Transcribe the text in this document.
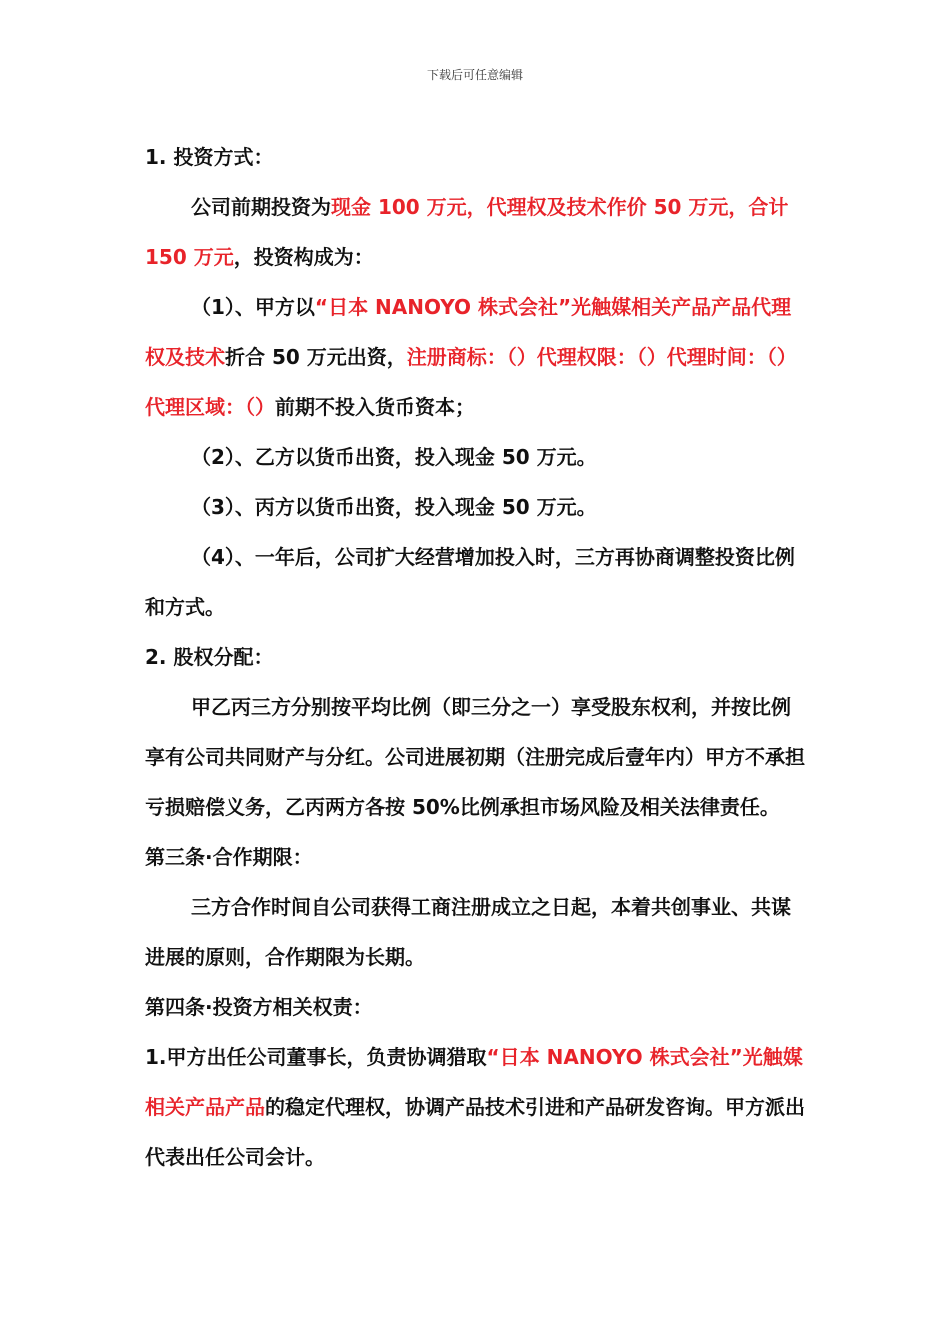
下载后可任意编辑

1. 投资方式：

公司前期投资为现金 100 万元，代理权及技术作价 50 万元，合计 150 万元，投资构成为：

（1）、甲方以“日本 NANOYO 株式会社”光触媒相关产品产品代理权及技术折合 50 万元出资，注册商标：（）代理权限：（）代理时间：（）代理区域：（）前期不投入货币资本；

（2）、乙方以货币出资，投入现金 50 万元。

（3）、丙方以货币出资，投入现金 50 万元。

（4）、一年后，公司扩大经营增加投入时，三方再协商调整投资比例和方式。

2. 股权分配：

甲乙丙三方分别按平均比例（即三分之一）享受股东权利，并按比例享有公司共同财产与分红。公司进展初期（注册完成后壹年内）甲方不承担亏损赔偿义务，乙丙两方各按 50%比例承担市场风险及相关法律责任。

第三条·合作期限：

三方合作时间自公司获得工商注册成立之日起，本着共创事业、共谋进展的原则，合作期限为长期。

第四条·投资方相关权责：

1.甲方出任公司董事长，负责协调猎取“日本 NANOYO 株式会社”光触媒相关产品产品的稳定代理权，协调产品技术引进和产品研发咨询。甲方派出代表出任公司会计。
